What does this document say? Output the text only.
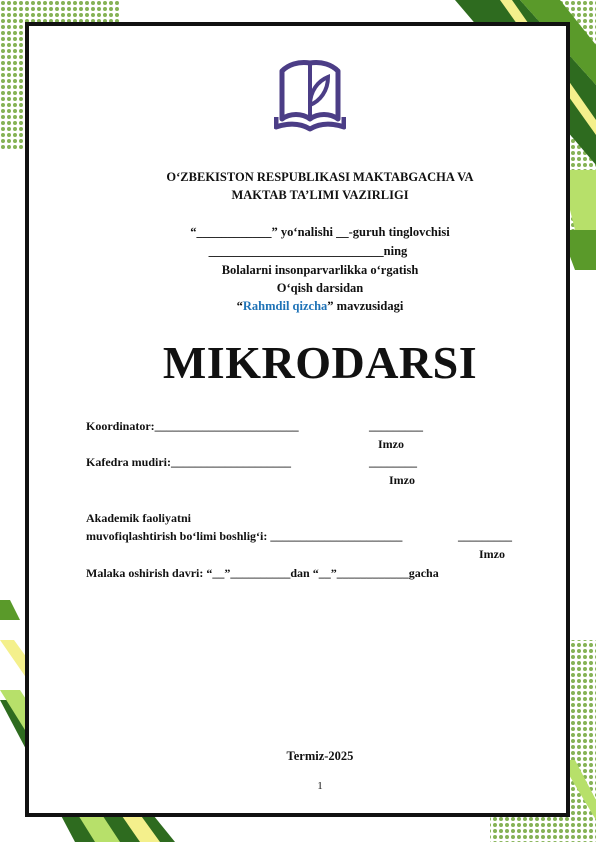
O‘ZBEKISTON RESPUBLIKASI MAKTABGACHA VA
MAKTAB TA’LIMI VAZIRLIGI
“____________” yo‘nalishi __-guruh tinglovchisi
____________________________ning
Bolalarni insonparvarlikka o‘rgatish
O‘qish darsidan
“Rahmdil qizcha” mavzusidagi
MIKRODARSI
Koordinator:________________________	_________
Imzo
Kafedra mudiri:____________________	________
Imzo
Akademik faoliyatni
muvofiqlashtirish bo‘limi boshlig‘i: ______________________	_________
Imzo
Malaka oshirish davri: “__”__________dan “__”____________gacha
Termiz-2025
1
